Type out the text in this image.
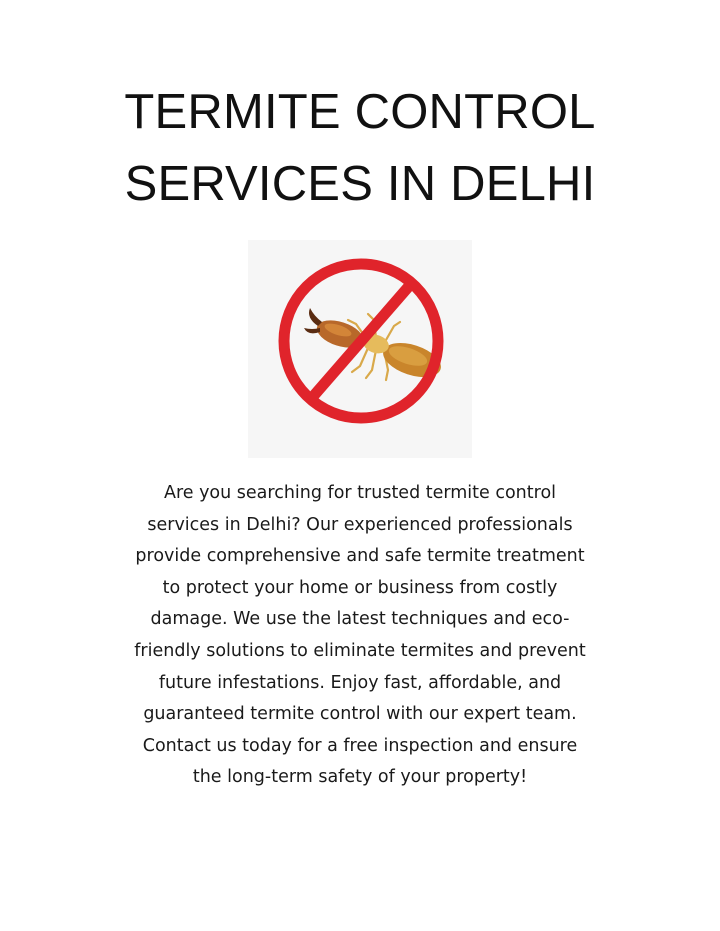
TERMITE CONTROL
SERVICES IN DELHI
Are you searching for trusted termite control
services in Delhi? Our experienced professionals
provide comprehensive and safe termite treatment
to protect your home or business from costly
damage. We use the latest techniques and eco-
friendly solutions to eliminate termites and prevent
future infestations. Enjoy fast, affordable, and
guaranteed termite control with our expert team.
Contact us today for a free inspection and ensure
the long-term safety of your property!
